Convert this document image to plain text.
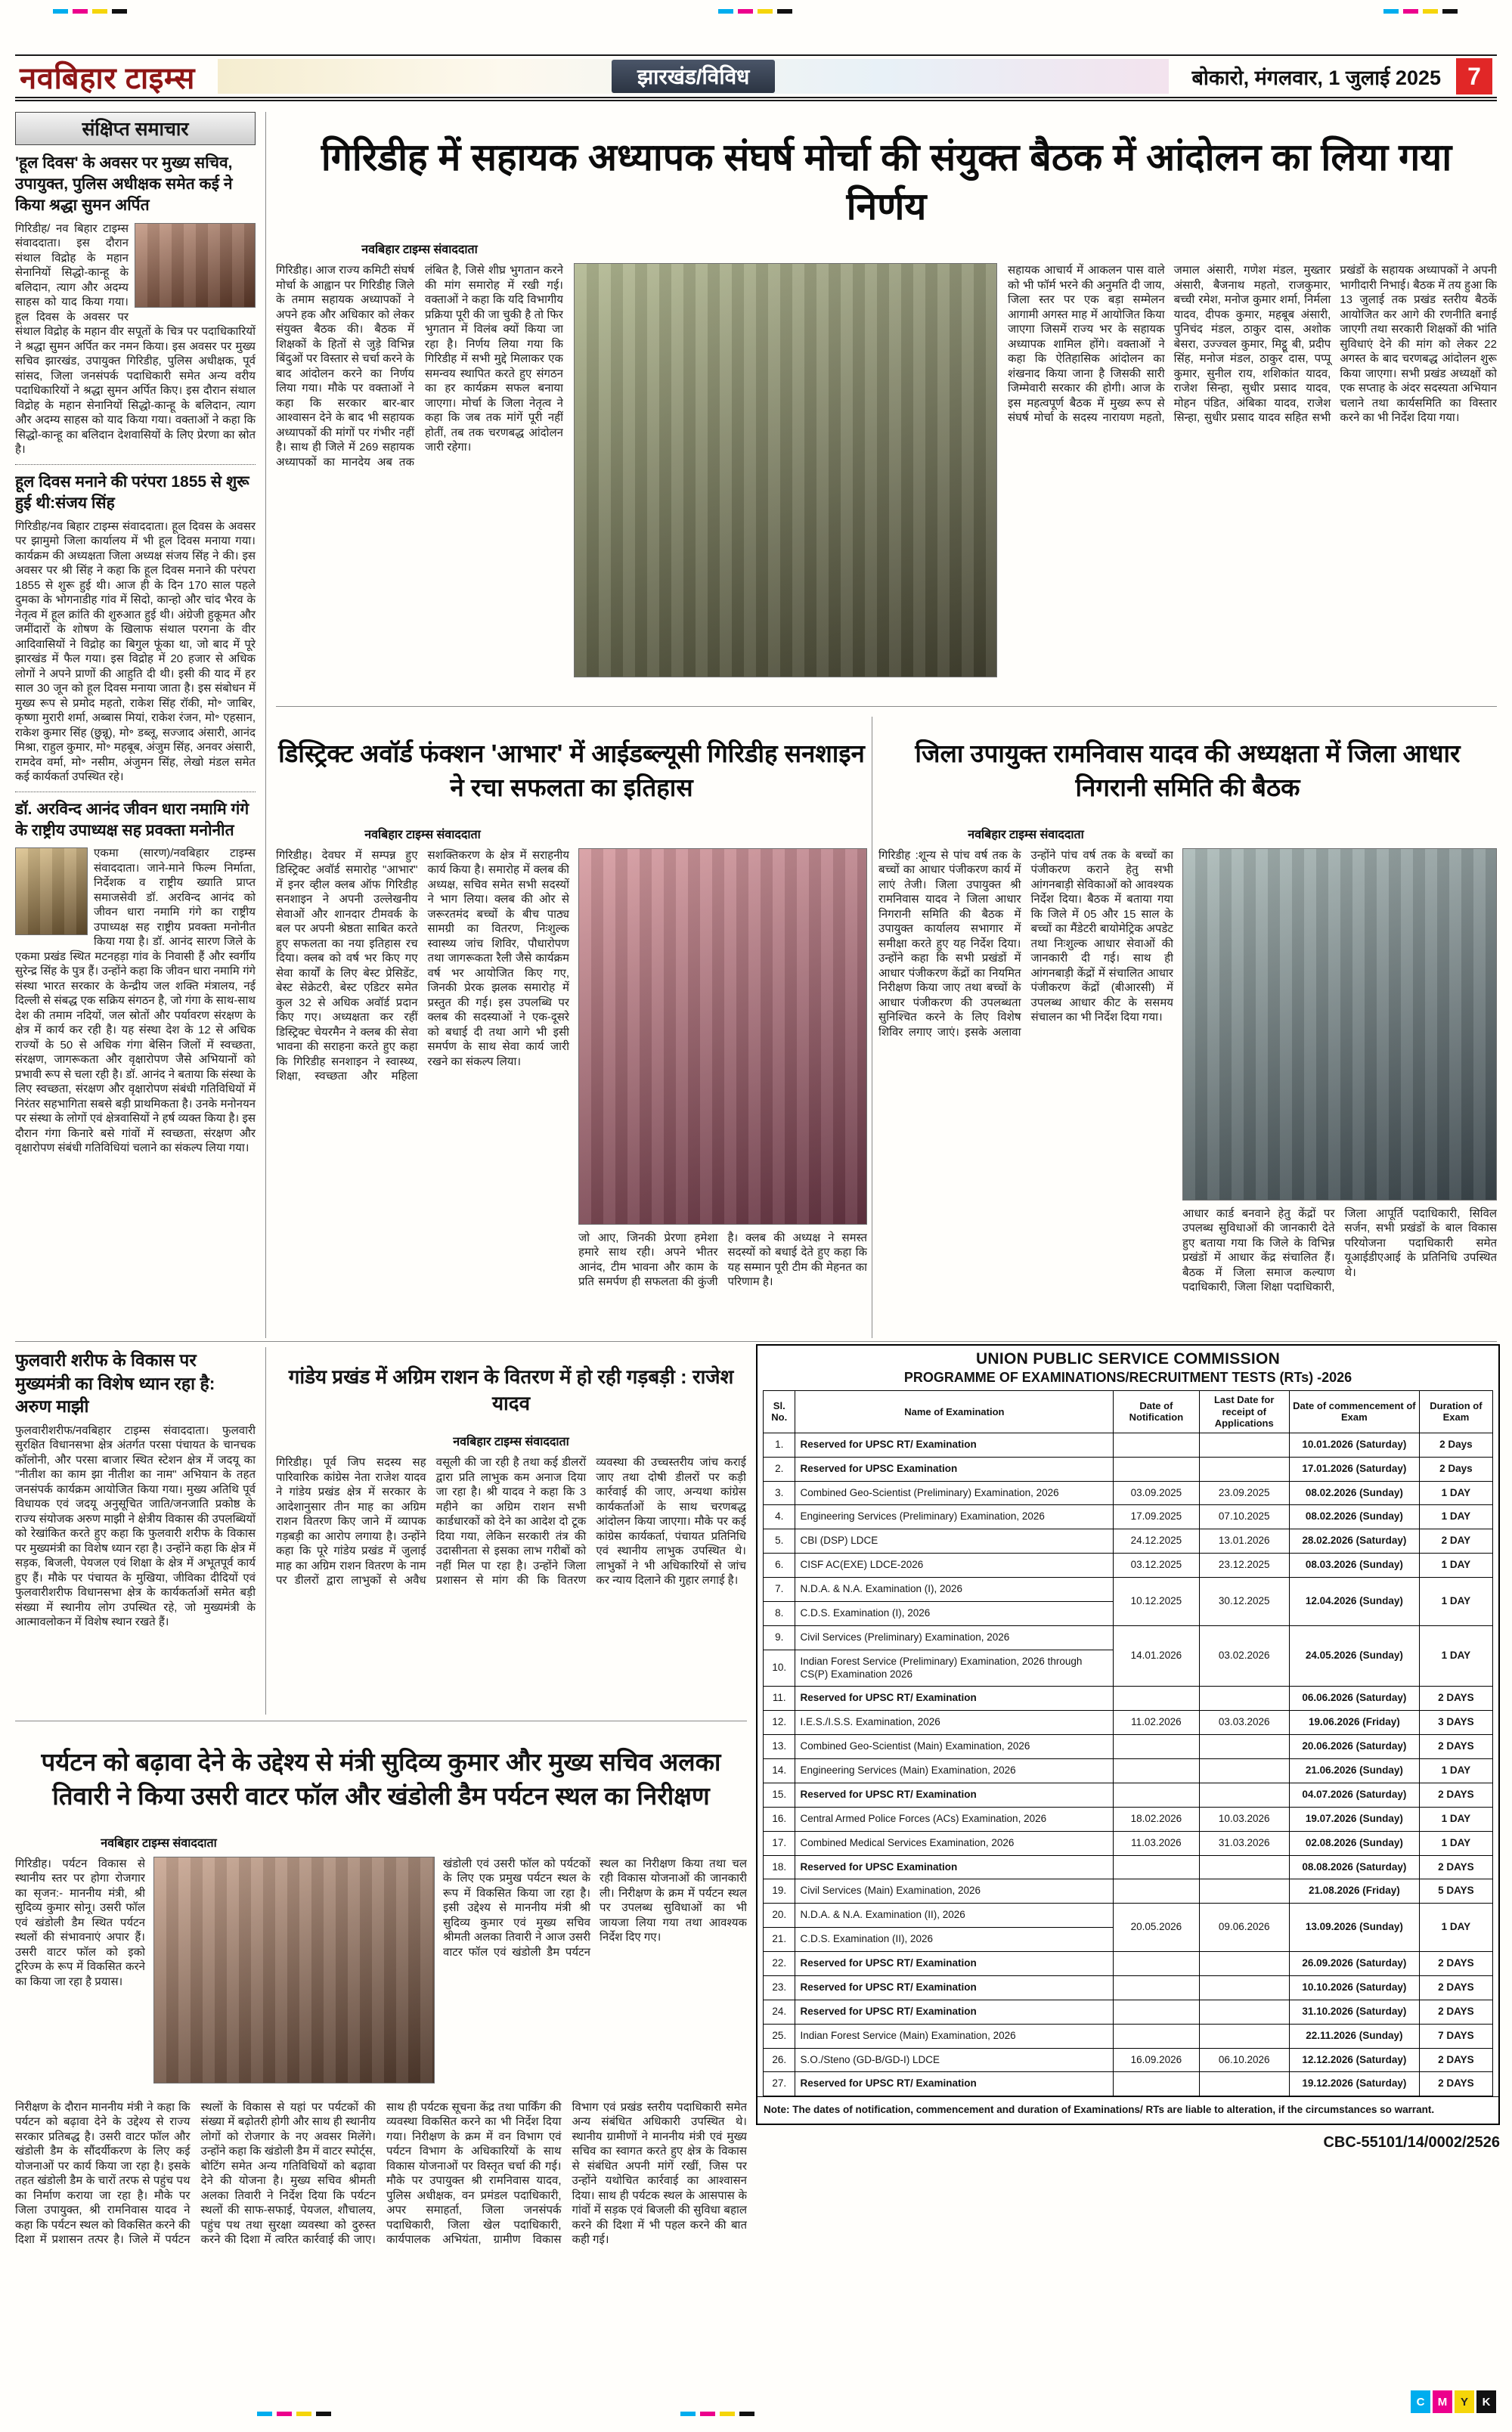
नवबिहार टाइम्स	झारखंड/विविध	बोकारो, मंगलवार, 1 जुलाई 2025	7
संक्षिप्त समाचार
'हूल दिवस' के अवसर पर मुख्य सचिव, उपायुक्त, पुलिस अधीक्षक समेत कई ने किया श्रद्धा सुमन अर्पित
गिरिडीह/ नव बिहार टाइम्स संवाददाता। इस दौरान संथाल विद्रोह के महान सेनानियों सिद्धो-कान्हू के बलिदान, त्याग और अदम्य साहस को याद किया गया। हूल दिवस के अवसर पर संथाल विद्रोह के महान वीर सपूतों के चित्र पर पदाधिकारियों ने श्रद्धा सुमन अर्पित कर नमन किया। इस अवसर पर मुख्य सचिव झारखंड, उपायुक्त गिरिडीह, पुलिस अधीक्षक, पूर्व सांसद, जिला जनसंपर्क पदाधिकारी समेत अन्य वरीय पदाधिकारियों ने श्रद्धा सुमन अर्पित किए। इस दौरान संथाल विद्रोह के महान सेनानियों सिद्धो-कान्हू के बलिदान, त्याग और अदम्य साहस को याद किया गया। वक्ताओं ने कहा कि सिद्धो-कान्हू का बलिदान देशवासियों के लिए प्रेरणा का स्रोत है।
हूल दिवस मनाने की परंपरा 1855 से शुरू हुई थी:संजय सिंह
गिरिडीह/नव बिहार टाइम्स संवाददाता। हूल दिवस के अवसर पर झामुमो जिला कार्यालय में भी हूल दिवस मनाया गया। कार्यक्रम की अध्यक्षता जिला अध्यक्ष संजय सिंह ने की। इस अवसर पर श्री सिंह ने कहा कि हूल दिवस मनाने की परंपरा 1855 से शुरू हुई थी। आज ही के दिन 170 साल पहले दुमका के भोगनाडीह गांव में सिदो, कान्हो और चांद भैरव के नेतृत्व में हूल क्रांति की शुरुआत हुई थी। अंग्रेजी हुकूमत और जमींदारों के शोषण के खिलाफ संथाल परगना के वीर आदिवासियों ने विद्रोह का बिगुल फूंका था, जो बाद में पूरे झारखंड में फैल गया। इस विद्रोह में 20 हजार से अधिक लोगों ने अपने प्राणों की आहुति दी थी। इसी की याद में हर साल 30 जून को हूल दिवस मनाया जाता है। इस संबोधन में मुख्य रूप से प्रमोद महतो, राकेश सिंह रॉकी, मो॰ जाबिर, कृष्णा मुरारी शर्मा, अब्बास मियां, राकेश रंजन, मो॰ एहसान, राकेश कुमार सिंह (छुन्नू), मो॰ डब्लू, सज्जाद अंसारी, आनंद मिश्रा, राहुल कुमार, मो॰ महबूब, अंजुम सिंह, अनवर अंसारी, रामदेव वर्मा, मो॰ नसीम, अंजुमन सिंह, लेखो मंडल समेत कई कार्यकर्ता उपस्थित रहे।
डॉ. अरविन्द आनंद जीवन धारा नमामि गंगे के राष्ट्रीय उपाध्यक्ष सह प्रवक्ता मनोनीत
एकमा (सारण)/नवबिहार टाइम्स संवाददाता। जाने-माने फिल्म निर्माता, निर्देशक व राष्ट्रीय ख्याति प्राप्त समाजसेवी डॉ. अरविन्द आनंद को जीवन धारा नमामि गंगे का राष्ट्रीय उपाध्यक्ष सह राष्ट्रीय प्रवक्ता मनोनीत किया गया है। डॉ. आनंद सारण जिले के एकमा प्रखंड स्थित मटनहड़ा गांव के निवासी हैं और स्वर्गीय सुरेन्द्र सिंह के पुत्र हैं। उन्होंने कहा कि जीवन धारा नमामि गंगे संस्था भारत सरकार के केन्द्रीय जल शक्ति मंत्रालय, नई दिल्ली से संबद्ध एक सक्रिय संगठन है, जो गंगा के साथ-साथ देश की तमाम नदियों, जल स्रोतों और पर्यावरण संरक्षण के क्षेत्र में कार्य कर रही है। यह संस्था देश के 12 से अधिक राज्यों के 50 से अधिक गंगा बेसिन जिलों में स्वच्छता, संरक्षण, जागरूकता और वृक्षारोपण जैसे अभियानों को प्रभावी रूप से चला रही है। डॉ. आनंद ने बताया कि संस्था के लिए स्वच्छता, संरक्षण और वृक्षारोपण संबंधी गतिविधियों में निरंतर सहभागिता सबसे बड़ी प्राथमिकता है। उनके मनोनयन पर संस्था के लोगों एवं क्षेत्रवासियों ने हर्ष व्यक्त किया है। इस दौरान गंगा किनारे बसे गांवों में स्वच्छता, संरक्षण और वृक्षारोपण संबंधी गतिविधियां चलाने का संकल्प लिया गया।
गिरिडीह में सहायक अध्यापक संघर्ष मोर्चा की संयुक्त बैठक में आंदोलन का लिया गया निर्णय
नवबिहार टाइम्स संवाददाता
गिरिडीह। आज राज्य कमिटी संघर्ष मोर्चा के आह्वान पर गिरिडीह जिले के तमाम सहायक अध्यापकों ने अपने हक और अधिकार को लेकर संयुक्त बैठक की। बैठक में शिक्षकों के हितों से जुड़े विभिन्न बिंदुओं पर विस्तार से चर्चा करने के बाद आंदोलन करने का निर्णय लिया गया। मौके पर वक्ताओं ने कहा कि सरकार बार-बार आश्वासन देने के बाद भी सहायक अध्यापकों की मांगों पर गंभीर नहीं है। साथ ही जिले में 269 सहायक अध्यापकों का मानदेय अब तक लंबित है, जिसे शीघ्र भुगतान करने की मांग समारोह में रखी गई। वक्ताओं ने कहा कि यदि विभागीय प्रक्रिया पूरी की जा चुकी है तो फिर भुगतान में विलंब क्यों किया जा रहा है। निर्णय लिया गया कि गिरिडीह में सभी मुद्दे मिलाकर एक समन्वय स्थापित करते हुए संगठन का हर कार्यक्रम सफल बनाया जाएगा। मोर्चा के जिला नेतृत्व ने कहा कि जब तक मांगें पूरी नहीं होतीं, तब तक चरणबद्ध आंदोलन जारी रहेगा।
सहायक आचार्य में आकलन पास वाले को भी फॉर्म भरने की अनुमति दी जाय, जिला स्तर पर एक बड़ा सम्मेलन आगामी अगस्त माह में आयोजित किया जाएगा जिसमें राज्य भर के सहायक अध्यापक शामिल होंगे। वक्ताओं ने कहा कि ऐतिहासिक आंदोलन का शंखनाद किया जाना है जिसकी सारी जिम्मेवारी सरकार की होगी। आज के इस महत्वपूर्ण बैठक में मुख्य रूप से संघर्ष मोर्चा के सदस्य नारायण महतो, जमाल अंसारी, गणेश मंडल, मुख्तार अंसारी, बैजनाथ महतो, राजकुमार, बच्ची रमेश, मनोज कुमार शर्मा, निर्मला यादव, दीपक कुमार, महबूब अंसारी, पुनिचंद मंडल, ठाकुर दास, अशोक बेसरा, उज्ज्वल कुमार, मिट्ठू बी, प्रदीप सिंह, मनोज मंडल, ठाकुर दास, पप्पू कुमार, सुनील राय, शशिकांत यादव, राजेश सिन्हा, सुधीर प्रसाद यादव, मोहन पंडित, अंबिका यादव, राजेश सिन्हा, सुधीर प्रसाद यादव सहित सभी प्रखंडों के सहायक अध्यापकों ने अपनी भागीदारी निभाई। बैठक में तय हुआ कि 13 जुलाई तक प्रखंड स्तरीय बैठकें आयोजित कर आगे की रणनीति बनाई जाएगी तथा सरकारी शिक्षकों की भांति सुविधाएं देने की मांग को लेकर 22 अगस्त के बाद चरणबद्ध आंदोलन शुरू किया जाएगा। सभी प्रखंड अध्यक्षों को एक सप्ताह के अंदर सदस्यता अभियान चलाने तथा कार्यसमिति का विस्तार करने का भी निर्देश दिया गया।
डिस्ट्रिक्ट अवॉर्ड फंक्शन 'आभार' में आईडब्ल्यूसी गिरिडीह सनशाइन ने रचा सफलता का इतिहास
नवबिहार टाइम्स संवाददाता
गिरिडीह। देवघर में सम्पन्न हुए डिस्ट्रिक्ट अवॉर्ड समारोह "आभार" में इनर व्हील क्लब ऑफ गिरिडीह सनशाइन ने अपनी उल्लेखनीय सेवाओं और शानदार टीमवर्क के बल पर अपनी श्रेष्ठता साबित करते हुए सफलता का नया इतिहास रच दिया। क्लब को वर्ष भर किए गए सेवा कार्यों के लिए बेस्ट प्रेसिडेंट, बेस्ट सेक्रेटरी, बेस्ट एडिटर समेत कुल 32 से अधिक अवॉर्ड प्रदान किए गए। अध्यक्षता कर रहीं डिस्ट्रिक्ट चेयरमैन ने क्लब की सेवा भावना की सराहना करते हुए कहा कि गिरिडीह सनशाइन ने स्वास्थ्य, शिक्षा, स्वच्छता और महिला सशक्तिकरण के क्षेत्र में सराहनीय कार्य किया है। समारोह में क्लब की अध्यक्ष, सचिव समेत सभी सदस्यों ने भाग लिया। क्लब की ओर से जरूरतमंद बच्चों के बीच पाठ्य सामग्री का वितरण, निःशुल्क स्वास्थ्य जांच शिविर, पौधारोपण तथा जागरूकता रैली जैसे कार्यक्रम वर्ष भर आयोजित किए गए, जिनकी प्रेरक झलक समारोह में प्रस्तुत की गई। इस उपलब्धि पर क्लब की सदस्याओं ने एक-दूसरे को बधाई दी तथा आगे भी इसी समर्पण के साथ सेवा कार्य जारी रखने का संकल्प लिया।
जो आए, जिनकी प्रेरणा हमेशा हमारे साथ रही। अपने भीतर आनंद, टीम भावना और काम के प्रति समर्पण ही सफलता की कुंजी है। क्लब की अध्यक्ष ने समस्त सदस्यों को बधाई देते हुए कहा कि यह सम्मान पूरी टीम की मेहनत का परिणाम है।
जिला उपायुक्त रामनिवास यादव की अध्यक्षता में जिला आधार निगरानी समिति की बैठक
नवबिहार टाइम्स संवाददाता
गिरिडीह :शून्य से पांच वर्ष तक के बच्चों का आधार पंजीकरण कार्य में लाएं तेजी। जिला उपायुक्त श्री रामनिवास यादव ने जिला आधार निगरानी समिति की बैठक में उपायुक्त कार्यालय सभागार में समीक्षा करते हुए यह निर्देश दिया। उन्होंने कहा कि सभी प्रखंडों में आधार पंजीकरण केंद्रों का नियमित निरीक्षण किया जाए तथा बच्चों के आधार पंजीकरण की उपलब्धता सुनिश्चित करने के लिए विशेष शिविर लगाए जाएं। इसके अलावा उन्होंने पांच वर्ष तक के बच्चों का पंजीकरण कराने हेतु सभी आंगनबाड़ी सेविकाओं को आवश्यक निर्देश दिया। बैठक में बताया गया कि जिले में 05 और 15 साल के बच्चों का मैंडेटरी बायोमेट्रिक अपडेट तथा निःशुल्क आधार सेवाओं की जानकारी दी गई। साथ ही आंगनबाड़ी केंद्रों में संचालित आधार पंजीकरण केंद्रों (बीआरसी) में उपलब्ध आधार कीट के ससमय संचालन का भी निर्देश दिया गया।
आधार कार्ड बनवाने हेतु केंद्रों पर उपलब्ध सुविधाओं की जानकारी देते हुए बताया गया कि जिले के विभिन्न प्रखंडों में आधार केंद्र संचालित हैं। बैठक में जिला समाज कल्याण पदाधिकारी, जिला शिक्षा पदाधिकारी, जिला आपूर्ति पदाधिकारी, सिविल सर्जन, सभी प्रखंडों के बाल विकास परियोजना पदाधिकारी समेत यूआईडीएआई के प्रतिनिधि उपस्थित थे।
फुलवारी शरीफ के विकास पर मुख्यमंत्री का विशेष ध्यान रहा है: अरुण माझी
फुलवारीशरीफ/नवबिहार टाइम्स संवाददाता। फुलवारी सुरक्षित विधानसभा क्षेत्र अंतर्गत परसा पंचायत के चानचक कॉलोनी, और परसा बाजार स्थित स्टेशन क्षेत्र में जदयू का "नीतीश का काम झा नीतीश का नाम" अभियान के तहत जनसंपर्क कार्यक्रम आयोजित किया गया। मुख्य अतिथि पूर्व विधायक एवं जदयू अनुसूचित जाति/जनजाति प्रकोष्ठ के राज्य संयोजक अरुण माझी ने क्षेत्रीय विकास की उपलब्धियों को रेखांकित करते हुए कहा कि फुलवारी शरीफ के विकास पर मुख्यमंत्री का विशेष ध्यान रहा है। उन्होंने कहा कि क्षेत्र में सड़क, बिजली, पेयजल एवं शिक्षा के क्षेत्र में अभूतपूर्व कार्य हुए हैं। मौके पर पंचायत के मुखिया, जीविका दीदियों एवं फुलवारीशरीफ विधानसभा क्षेत्र के कार्यकर्ताओं समेत बड़ी संख्या में स्थानीय लोग उपस्थित रहे, जो मुख्यमंत्री के आत्मावलोकन में विशेष स्थान रखते हैं।
गांडेय प्रखंड में अग्रिम राशन के वितरण में हो रही गड़बड़ी : राजेश यादव
नवबिहार टाइम्स संवाददाता
गिरिडीह। पूर्व जिप सदस्य सह पारिवारिक कांग्रेस नेता राजेश यादव ने गांडेय प्रखंड क्षेत्र में सरकार के आदेशानुसार तीन माह का अग्रिम राशन वितरण किए जाने में व्यापक गड़बड़ी का आरोप लगाया है। उन्होंने कहा कि पूरे गांडेय प्रखंड में जुलाई माह का अग्रिम राशन वितरण के नाम पर डीलरों द्वारा लाभुकों से अवैध वसूली की जा रही है तथा कई डीलरों द्वारा प्रति लाभुक कम अनाज दिया जा रहा है। श्री यादव ने कहा कि 3 महीने का अग्रिम राशन सभी कार्डधारकों को देने का आदेश दो टूक दिया गया, लेकिन सरकारी तंत्र की उदासीनता से इसका लाभ गरीबों को नहीं मिल पा रहा है। उन्होंने जिला प्रशासन से मांग की कि वितरण व्यवस्था की उच्चस्तरीय जांच कराई जाए तथा दोषी डीलरों पर कड़ी कार्रवाई की जाए, अन्यथा कांग्रेस कार्यकर्ताओं के साथ चरणबद्ध आंदोलन किया जाएगा। मौके पर कई कांग्रेस कार्यकर्ता, पंचायत प्रतिनिधि एवं स्थानीय लाभुक उपस्थित थे। लाभुकों ने भी अधिकारियों से जांच कर न्याय दिलाने की गुहार लगाई है।
UNION PUBLIC SERVICE COMMISSION
PROGRAMME OF EXAMINATIONS/RECRUITMENT TESTS (RTs) -2026
Sl. No.	Name of Examination	Date of Notification	Last Date for receipt of Applications	Date of commencement of Exam	Duration of Exam
1.	Reserved for UPSC RT/ Examination			10.01.2026 (Saturday)	2 Days
2.	Reserved for UPSC Examination			17.01.2026 (Saturday)	2 Days
3.	Combined Geo-Scientist (Preliminary) Examination, 2026	03.09.2025	23.09.2025	08.02.2026 (Sunday)	1 DAY
4.	Engineering Services (Preliminary) Examination, 2026	17.09.2025	07.10.2025	08.02.2026 (Sunday)	1 DAY
5.	CBI (DSP) LDCE	24.12.2025	13.01.2026	28.02.2026 (Saturday)	2 DAY
6.	CISF AC(EXE) LDCE-2026	03.12.2025	23.12.2025	08.03.2026 (Sunday)	1 DAY
7.	N.D.A. & N.A. Examination (I), 2026	10.12.2025	30.12.2025	12.04.2026 (Sunday)	1 DAY
8.	C.D.S. Examination (I), 2026				
9.	Civil Services (Preliminary) Examination, 2026	14.01.2026	03.02.2026	24.05.2026 (Sunday)	1 DAY
10.	Indian Forest Service (Preliminary) Examination, 2026 through CS(P) Examination 2026				
11.	Reserved for UPSC RT/ Examination			06.06.2026 (Saturday)	2 DAYS
12.	I.E.S./I.S.S. Examination, 2026	11.02.2026	03.03.2026	19.06.2026 (Friday)	3 DAYS
13.	Combined Geo-Scientist (Main) Examination, 2026			20.06.2026 (Saturday)	2 DAYS
14.	Engineering Services (Main) Examination, 2026			21.06.2026 (Sunday)	1 DAY
15.	Reserved for UPSC RT/ Examination			04.07.2026 (Saturday)	2 DAYS
16.	Central Armed Police Forces (ACs) Examination, 2026	18.02.2026	10.03.2026	19.07.2026 (Sunday)	1 DAY
17.	Combined Medical Services Examination, 2026	11.03.2026	31.03.2026	02.08.2026 (Sunday)	1 DAY
18.	Reserved for UPSC Examination			08.08.2026 (Saturday)	2 DAYS
19.	Civil Services (Main) Examination, 2026			21.08.2026 (Friday)	5 DAYS
20.	N.D.A. & N.A. Examination (II), 2026	20.05.2026	09.06.2026	13.09.2026 (Sunday)	1 DAY
21.	C.D.S. Examination (II), 2026				
22.	Reserved for UPSC RT/ Examination			26.09.2026 (Saturday)	2 DAYS
23.	Reserved for UPSC RT/ Examination			10.10.2026 (Saturday)	2 DAYS
24.	Reserved for UPSC RT/ Examination			31.10.2026 (Saturday)	2 DAYS
25.	Indian Forest Service (Main) Examination, 2026			22.11.2026 (Sunday)	7 DAYS
26.	S.O./Steno (GD-B/GD-I) LDCE	16.09.2026	06.10.2026	12.12.2026 (Saturday)	2 DAYS
27.	Reserved for UPSC RT/ Examination			19.12.2026 (Saturday)	2 DAYS
Note: The dates of notification, commencement and duration of Examinations/ RTs are liable to alteration, if the circumstances so warrant.
CBC-55101/14/0002/2526
पर्यटन को बढ़ावा देने के उद्देश्य से मंत्री सुदिव्य कुमार और मुख्य सचिव अलका तिवारी ने किया उसरी वाटर फॉल और खंडोली डैम पर्यटन स्थल का निरीक्षण
नवबिहार टाइम्स संवाददाता
गिरिडीह। पर्यटन विकास से स्थानीय स्तर पर होगा रोजगार का सृजन:- माननीय मंत्री, श्री सुदिव्य कुमार सोनू। उसरी फॉल एवं खंडोली डैम स्थित पर्यटन स्थलों की संभावनाएं अपार हैं। उसरी वाटर फॉल को इको टूरिज्म के रूप में विकसित करने का किया जा रहा है प्रयास।
खंडोली एवं उसरी फॉल को पर्यटकों के लिए एक प्रमुख पर्यटन स्थल के रूप में विकसित किया जा रहा है। इसी उद्देश्य से माननीय मंत्री श्री सुदिव्य कुमार एवं मुख्य सचिव श्रीमती अलका तिवारी ने आज उसरी वाटर फॉल एवं खंडोली डैम पर्यटन स्थल का निरीक्षण किया तथा चल रही विकास योजनाओं की जानकारी ली। निरीक्षण के क्रम में पर्यटन स्थल पर उपलब्ध सुविधाओं का भी जायजा लिया गया तथा आवश्यक निर्देश दिए गए।
निरीक्षण के दौरान माननीय मंत्री ने कहा कि पर्यटन को बढ़ावा देने के उद्देश्य से राज्य सरकार प्रतिबद्ध है। उसरी वाटर फॉल और खंडोली डैम के सौंदर्यीकरण के लिए कई योजनाओं पर कार्य किया जा रहा है। इसके तहत खंडोली डैम के चारों तरफ से पहुंच पथ का निर्माण कराया जा रहा है। मौके पर जिला उपायुक्त, श्री रामनिवास यादव ने कहा कि पर्यटन स्थल को विकसित करने की दिशा में प्रशासन तत्पर है। जिले में पर्यटन स्थलों के विकास से यहां पर पर्यटकों की संख्या में बढ़ोतरी होगी और साथ ही स्थानीय लोगों को रोजगार के नए अवसर मिलेंगे। उन्होंने कहा कि खंडोली डैम में वाटर स्पोर्ट्स, बोटिंग समेत अन्य गतिविधियों को बढ़ावा देने की योजना है। मुख्य सचिव श्रीमती अलका तिवारी ने निर्देश दिया कि पर्यटन स्थलों की साफ-सफाई, पेयजल, शौचालय, पहुंच पथ तथा सुरक्षा व्यवस्था को दुरुस्त करने की दिशा में त्वरित कार्रवाई की जाए। साथ ही पर्यटक सूचना केंद्र तथा पार्किंग की व्यवस्था विकसित करने का भी निर्देश दिया गया। निरीक्षण के क्रम में वन विभाग एवं पर्यटन विभाग के अधिकारियों के साथ विकास योजनाओं पर विस्तृत चर्चा की गई। मौके पर उपायुक्त श्री रामनिवास यादव, पुलिस अधीक्षक, वन प्रमंडल पदाधिकारी, अपर समाहर्ता, जिला जनसंपर्क पदाधिकारी, जिला खेल पदाधिकारी, कार्यपालक अभियंता, ग्रामीण विकास विभाग एवं प्रखंड स्तरीय पदाधिकारी समेत अन्य संबंधित अधिकारी उपस्थित थे। स्थानीय ग्रामीणों ने माननीय मंत्री एवं मुख्य सचिव का स्वागत करते हुए क्षेत्र के विकास से संबंधित अपनी मांगें रखीं, जिस पर उन्होंने यथोचित कार्रवाई का आश्वासन दिया। साथ ही पर्यटक स्थल के आसपास के गांवों में सड़क एवं बिजली की सुविधा बहाल करने की दिशा में भी पहल करने की बात कही गई।
C	M	Y	K
